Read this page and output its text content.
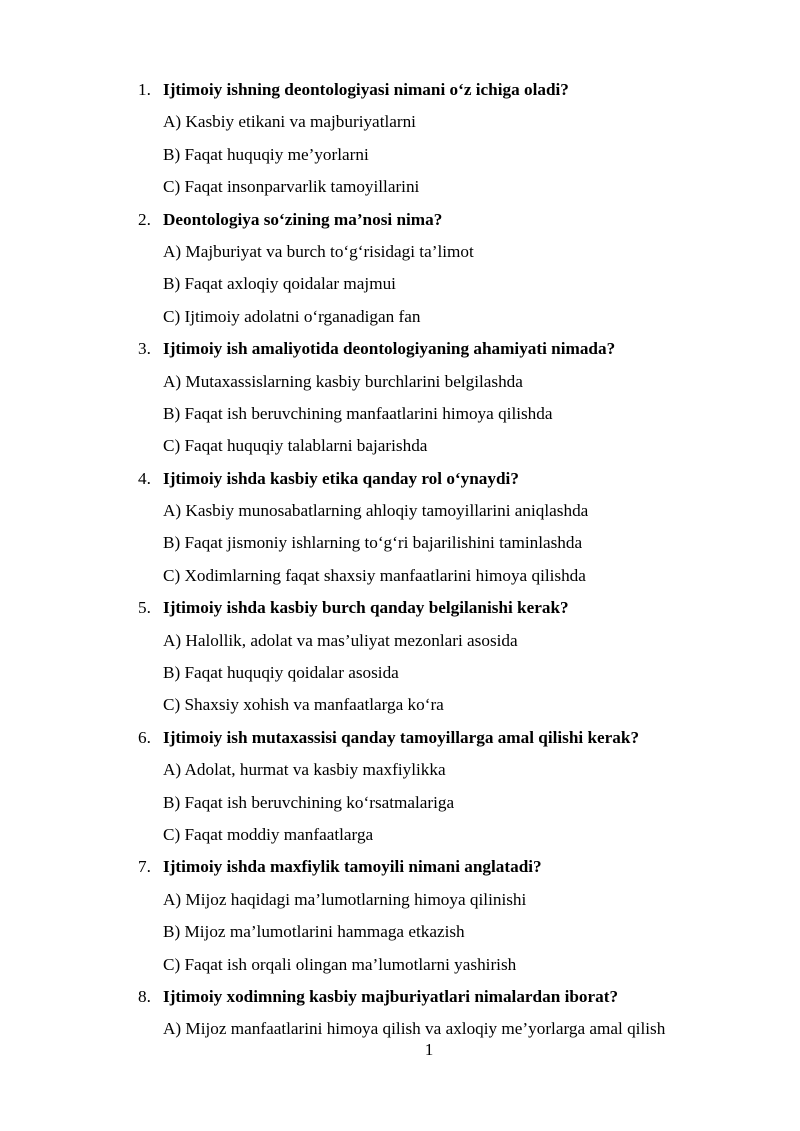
1. Ijtimoiy ishning deontologiyasi nimani o‘z ichiga oladi?
A) Kasbiy etikani va majburiyatlarni
B) Faqat huquqiy me’yorlarni
C) Faqat insonparvarlik tamoyillarini
2. Deontologiya so‘zining ma’nosi nima?
A) Majburiyat va burch to‘g‘risidagi ta’limot
B) Faqat axloqiy qoidalar majmui
C) Ijtimoiy adolatni o‘rganadigan fan
3. Ijtimoiy ish amaliyotida deontologiyaning ahamiyati nimada?
A) Mutaxassislarning kasbiy burchlarini belgilashda
B) Faqat ish beruvchining manfaatlarini himoya qilishda
C) Faqat huquqiy talablarni bajarishda
4. Ijtimoiy ishda kasbiy etika qanday rol o‘ynaydi?
A) Kasbiy munosabatlarning ahloqiy tamoyillarini aniqlashda
B) Faqat jismoniy ishlarning to‘g‘ri bajarilishini taminlashda
C) Xodimlarning faqat shaxsiy manfaatlarini himoya qilishda
5. Ijtimoiy ishda kasbiy burch qanday belgilanishi kerak?
A) Halollik, adolat va mas’uliyat mezonlari asosida
B) Faqat huquqiy qoidalar asosida
C) Shaxsiy xohish va manfaatlarga ko‘ra
6. Ijtimoiy ish mutaxassisi qanday tamoyillarga amal qilishi kerak?
A) Adolat, hurmat va kasbiy maxfiylikka
B) Faqat ish beruvchining ko‘rsatmalariga
C) Faqat moddiy manfaatlarga
7. Ijtimoiy ishda maxfiylik tamoyili nimani anglatadi?
A) Mijoz haqidagi ma’lumotlarning himoya qilinishi
B) Mijoz ma’lumotlarini hammaga etkazish
C) Faqat ish orqali olingan ma’lumotlarni yashirish
8. Ijtimoiy xodimning kasbiy majburiyatlari nimalardan iborat?
A) Mijoz manfaatlarini himoya qilish va axloqiy me’yorlarga amal qilish
1
